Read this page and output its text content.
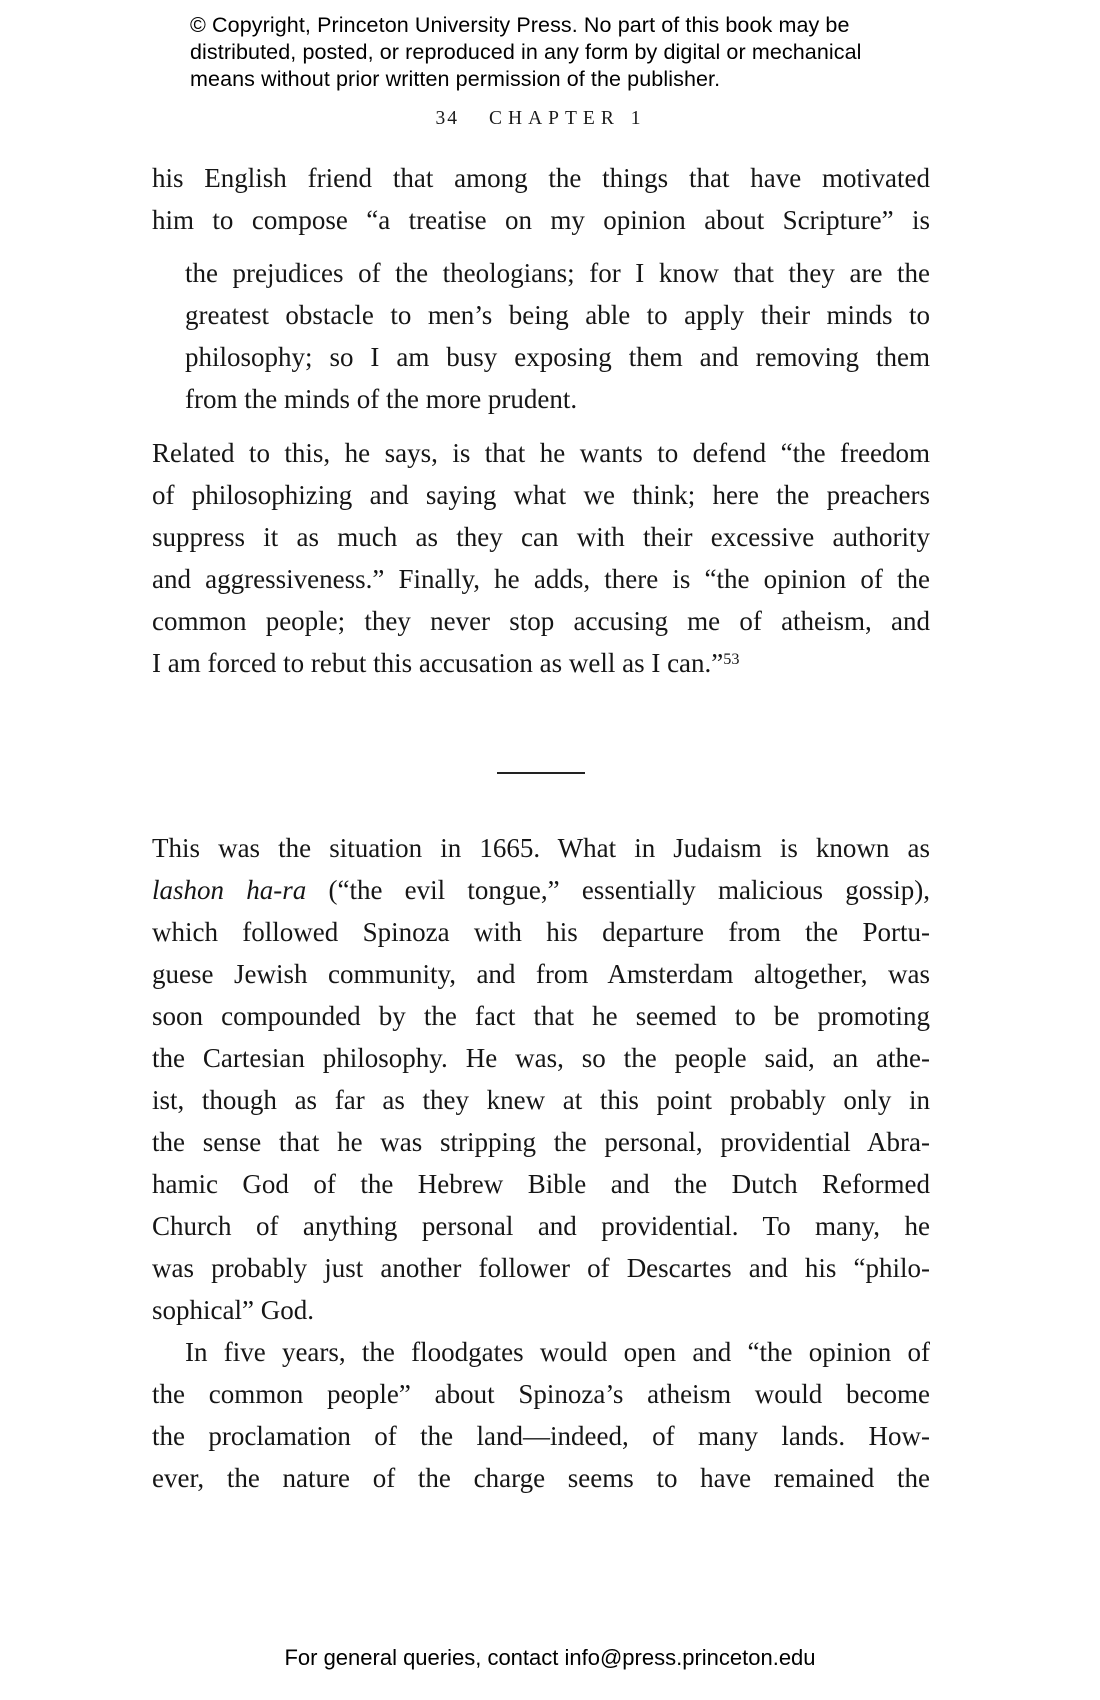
© Copyright, Princeton University Press. No part of this book may be
distributed, posted, or reproduced in any form by digital or mechanical
means without prior written permission of the publisher.
34 CHAPTER 1
his English friend that among the things that have motivated
him to compose “a treatise on my opinion about Scripture” is
the prejudices of the theologians; for I know that they are the
greatest obstacle to men’s being able to apply their minds to
philosophy; so I am busy exposing them and removing them
from the minds of the more prudent.
Related to this, he says, is that he wants to defend “the freedom
of philosophizing and saying what we think; here the preachers
suppress it as much as they can with their excessive authority
and aggressiveness.” Finally, he adds, there is “the opinion of the
common people; they never stop accusing me of atheism, and
I am forced to rebut this accusation as well as I can.”$^{53}$
This was the situation in 1665. What in Judaism is known as
lashon ha-ra (“the evil tongue,” essentially malicious gossip),
which followed Spinoza with his departure from the Portu-
guese Jewish community, and from Amsterdam altogether, was
soon compounded by the fact that he seemed to be promoting
the Cartesian philosophy. He was, so the people said, an athe-
ist, though as far as they knew at this point probably only in
the sense that he was stripping the personal, providential Abra-
hamic God of the Hebrew Bible and the Dutch Reformed
Church of anything personal and providential. To many, he
was probably just another follower of Descartes and his “philo-
sophical” God.
In five years, the floodgates would open and “the opinion of
the common people” about Spinoza’s atheism would become
the proclamation of the land—indeed, of many lands. How-
ever, the nature of the charge seems to have remained the
For general queries, contact info@press.princeton.edu
